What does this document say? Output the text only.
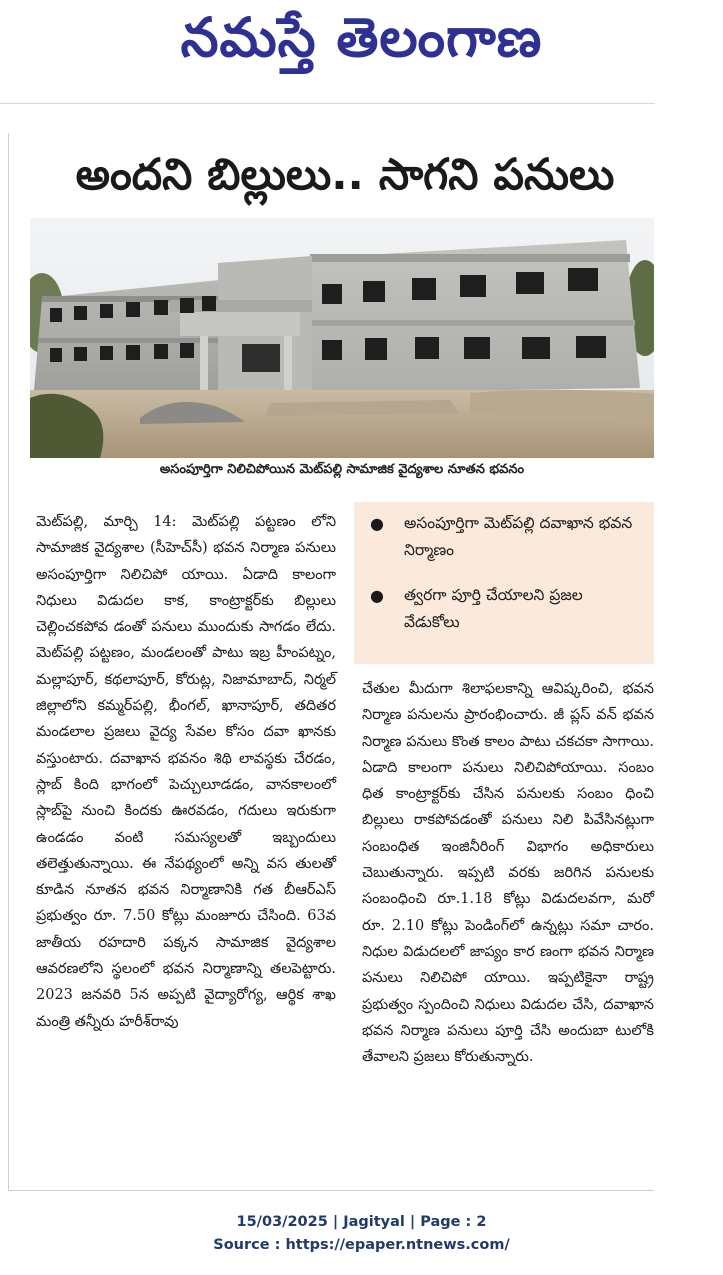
నమస్తే తెలంగాణ
అందని బిల్లులు.. సాగని పనులు
అసంపూర్తిగా నిలిచిపోయిన మెట్‌పల్లి సామాజిక వైద్యశాల నూతన భవనం

మెట్‌పల్లి, మార్చి 14: మెట్‌పల్లి పట్టణం లోని సామాజిక వైద్యశాల (సీహెచ్‌సీ) భవన నిర్మాణ పనులు అసంపూర్తిగా నిలిచిపో యాయి. ఏడాది కాలంగా నిధులు విడుదల కాక, కాంట్రాక్టర్‌కు బిల్లులు చెల్లించకపోవ డంతో పనులు ముందుకు సాగడం లేదు. మెట్‌పల్లి పట్టణం, మండలంతో పాటు ఇబ్ర హీంపట్నం, మల్లాపూర్, కథలాపూర్, కోరుట్ల, నిజామాబాద్, నిర్మల్ జిల్లాలోని కమ్మర్‌పల్లి, భీంగల్, ఖానాపూర్, తదితర మండలాల ప్రజలు వైద్య సేవల కోసం దవా ఖానకు వస్తుంటారు. దవాఖాన భవనం శిథి లావస్థకు చేరడం, స్లాబ్ కింది భాగంలో పెచ్చులూడడం, వానకాలంలో స్లాబ్‌పై నుంచి కిందకు ఊరవడం, గదులు ఇరుకుగా ఉండడం వంటి సమస్యలతో ఇబ్బందులు తలెత్తుతున్నాయి. ఈ నేపథ్యంలో అన్ని వస తులతో కూడిన నూతన భవన నిర్మాణానికి గత బీఆర్‌ఎస్ ప్రభుత్వం రూ. 7.50 కోట్లు మంజూరు చేసింది. 63వ జాతీయ రహదారి పక్కన సామాజిక వైద్యశాల ఆవరణలోని స్థలంలో భవన నిర్మాణాన్ని తలపెట్టారు. 2023 జనవరి 5న అప్పటి వైద్యారోగ్య, ఆర్థిక శాఖ మంత్రి తన్నీరు హరీశ్‌రావు

●	అసంపూర్తిగా మెట్‌పల్లి దవాఖాన భవన నిర్మాణం
●	త్వరగా పూర్తి చేయాలని ప్రజల వేడుకోలు

చేతుల మీదుగా శిలాఫలకాన్ని ఆవిష్కరించి, భవన నిర్మాణ పనులను ప్రారంభించారు. జీ ప్లస్ వన్ భవన నిర్మాణ పనులు కొంత కాలం పాటు చకచకా సాగాయి. ఏడాది కాలంగా పనులు నిలిచిపోయాయి. సంబం ధిత కాంట్రాక్టర్‌కు చేసిన పనులకు సంబం ధించి బిల్లులు రాకపోవడంతో పనులు నిలి పివేసినట్లుగా సంబంధిత ఇంజినీరింగ్ విభాగం అధికారులు చెబుతున్నారు. ఇప్పటి వరకు జరిగిన పనులకు సంబంధించి రూ.1.18 కోట్లు విడుదలవగా, మరో రూ. 2.10 కోట్లు పెండింగ్‌లో ఉన్నట్లు సమా చారం. నిధుల విడుదలలో జాప్యం కార ణంగా భవన నిర్మాణ పనులు నిలిచిపో యాయి. ఇప్పటికైనా రాష్ట్ర ప్రభుత్వం స్పందించి నిధులు విడుదల చేసి, దవాఖాన భవన నిర్మాణ పనులు పూర్తి చేసి అందుబా టులోకి తేవాలని ప్రజలు కోరుతున్నారు.

15/03/2025 | Jagityal | Page : 2
Source : https://epaper.ntnews.com/
